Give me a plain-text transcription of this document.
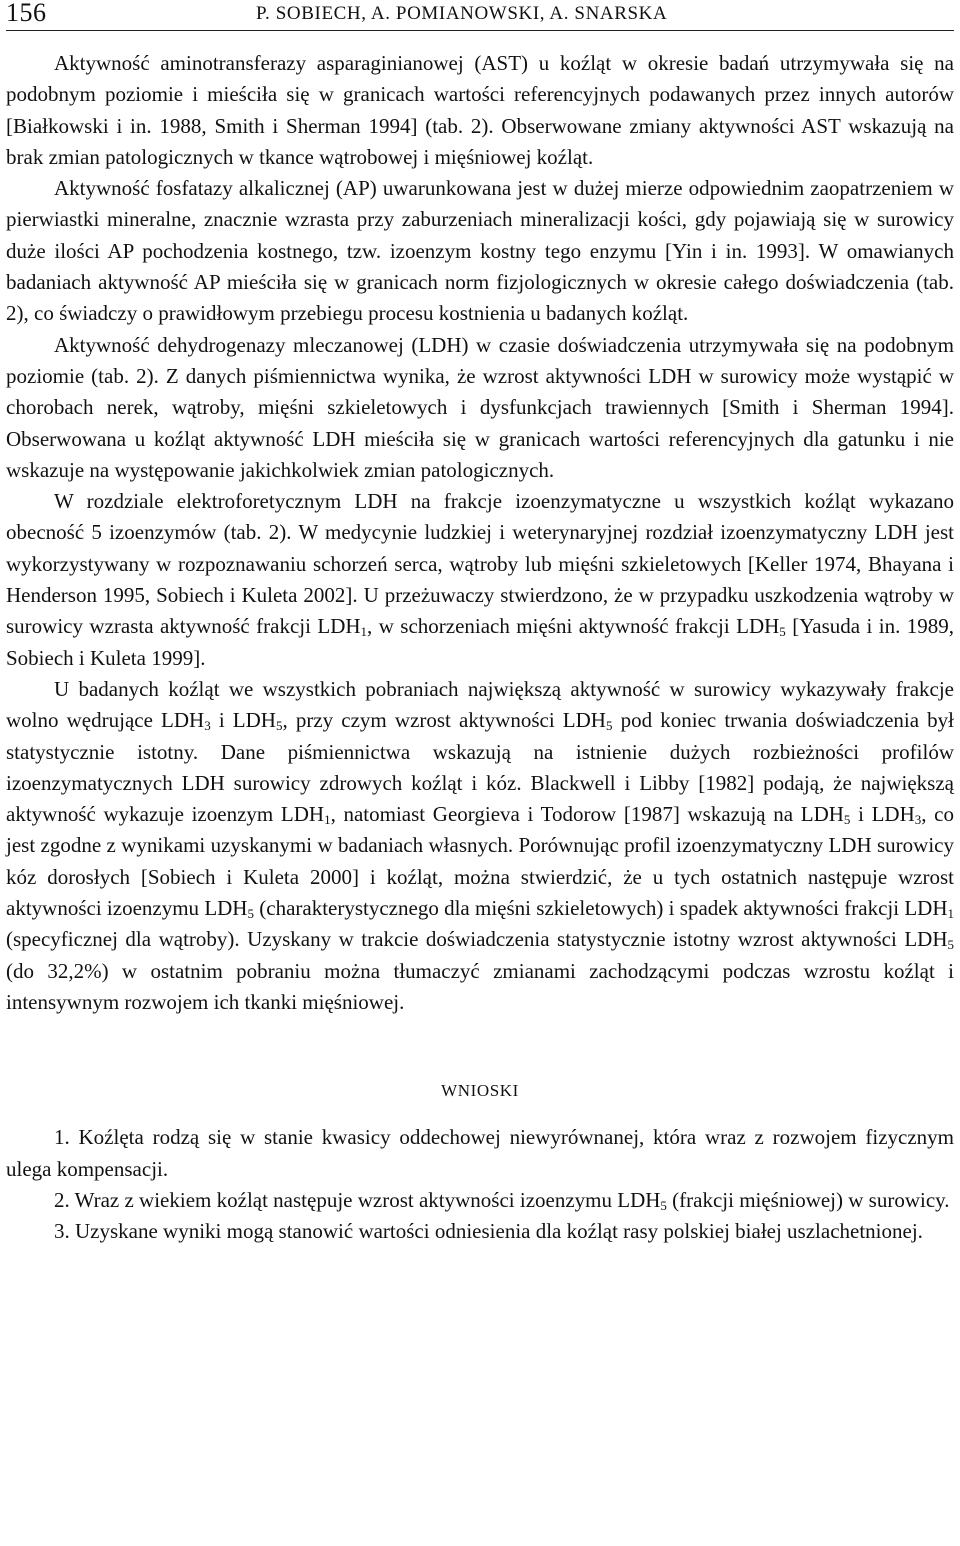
156	P. SOBIECH, A. POMIANOWSKI, A. SNARSKA

Aktywność aminotransferazy asparaginianowej (AST) u koźląt w okresie badań utrzymywała się na podobnym poziomie i mieściła się w granicach wartości referencyjnych podawanych przez innych autorów [Białkowski i in. 1988, Smith i Sherman 1994] (tab. 2). Obserwowane zmiany aktywności AST wskazują na brak zmian patologicznych w tkance wątrobowej i mięśniowej koźląt.

Aktywność fosfatazy alkalicznej (AP) uwarunkowana jest w dużej mierze odpowiednim zaopatrzeniem w pierwiastki mineralne, znacznie wzrasta przy zaburzeniach mineralizacji kości, gdy pojawiają się w surowicy duże ilości AP pochodzenia kostnego, tzw. izoenzym kostny tego enzymu [Yin i in. 1993]. W omawianych badaniach aktywność AP mieściła się w granicach norm fizjologicznych w okresie całego doświadczenia (tab. 2), co świadczy o prawidłowym przebiegu procesu kostnienia u badanych koźląt.

Aktywność dehydrogenazy mleczanowej (LDH) w czasie doświadczenia utrzymywała się na podobnym poziomie (tab. 2). Z danych piśmiennictwa wynika, że wzrost aktywności LDH w surowicy może wystąpić w chorobach nerek, wątroby, mięśni szkieletowych i dysfunkcjach trawiennych [Smith i Sherman 1994]. Obserwowana u koźląt aktywność LDH mieściła się w granicach wartości referencyjnych dla gatunku i nie wskazuje na występowanie jakichkolwiek zmian patologicznych.

W rozdziale elektroforetycznym LDH na frakcje izoenzymatyczne u wszystkich koźląt wykazano obecność 5 izoenzymów (tab. 2). W medycynie ludzkiej i weterynaryjnej rozdział izoenzymatyczny LDH jest wykorzystywany w rozpoznawaniu schorzeń serca, wątroby lub mięśni szkieletowych [Keller 1974, Bhayana i Henderson 1995, Sobiech i Kuleta 2002]. U przeżuwaczy stwierdzono, że w przypadku uszkodzenia wątroby w surowicy wzrasta aktywność frakcji $LDH_1$, w schorzeniach mięśni aktywność frakcji $LDH_5$ [Yasuda i in. 1989, Sobiech i Kuleta 1999].

U badanych koźląt we wszystkich pobraniach największą aktywność w surowicy wykazywały frakcje wolno wędrujące $LDH_3$ i $LDH_5$, przy czym wzrost aktywności $LDH_5$ pod koniec trwania doświadczenia był statystycznie istotny. Dane piśmiennictwa wskazują na istnienie dużych rozbieżności profilów izoenzymatycznych LDH surowicy zdrowych koźląt i kóz. Blackwell i Libby [1982] podają, że największą aktywność wykazuje izoenzym $LDH_1$, natomiast Georgieva i Todorow [1987] wskazują na $LDH_5$ i $LDH_3$, co jest zgodne z wynikami uzyskanymi w badaniach własnych. Porównując profil izoenzymatyczny LDH surowicy kóz dorosłych [Sobiech i Kuleta 2000] i koźląt, można stwierdzić, że u tych ostatnich następuje wzrost aktywności izoenzymu $LDH_5$ (charakterystycznego dla mięśni szkieletowych) i spadek aktywności frakcji $LDH_1$ (specyficznej dla wątroby). Uzyskany w trakcie doświadczenia statystycznie istotny wzrost aktywności $LDH_5$ (do 32,2%) w ostatnim pobraniu można tłumaczyć zmianami zachodzącymi podczas wzrostu koźląt i intensywnym rozwojem ich tkanki mięśniowej.

WNIOSKI

1. Koźlęta rodzą się w stanie kwasicy oddechowej niewyrównanej, która wraz z rozwojem fizycznym ulega kompensacji.

2. Wraz z wiekiem koźląt następuje wzrost aktywności izoenzymu $LDH_5$ (frakcji mięśniowej) w surowicy.

3. Uzyskane wyniki mogą stanowić wartości odniesienia dla koźląt rasy polskiej białej uszlachetnionej.
